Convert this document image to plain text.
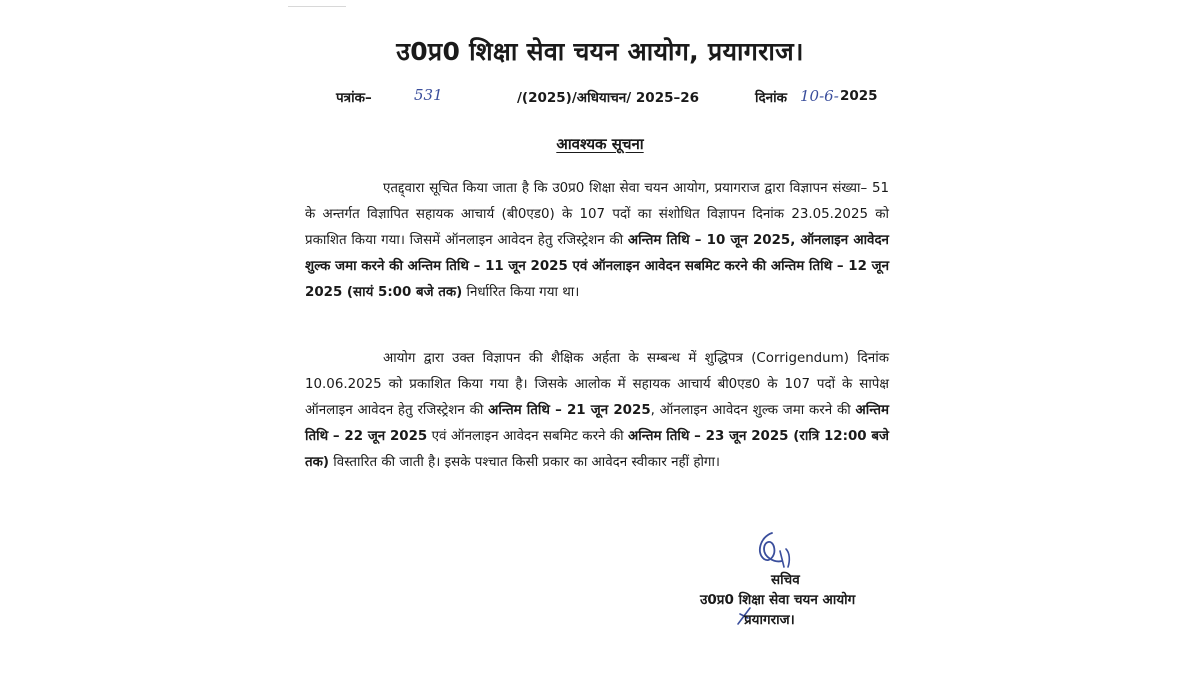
उ0प्र0 शिक्षा सेवा चयन आयोग, प्रयागराज।
पत्रांक–	531	/(2025)/अधियाचन/ 2025–26	दिनांक 10-6- 2025
आवश्यक सूचना

एतद्द्वारा सूचित किया जाता है कि उ0प्र0 शिक्षा सेवा चयन आयोग, प्रयागराज द्वारा विज्ञापन संख्या– 51 के अन्तर्गत विज्ञापित सहायक आचार्य (बी0एड0) के 107 पदों का संशोधित विज्ञापन दिनांक 23.05.2025 को प्रकाशित किया गया। जिसमें ऑनलाइन आवेदन हेतु रजिस्ट्रेशन की अन्तिम तिथि – 10 जून 2025, ऑनलाइन आवेदन शुल्क जमा करने की अन्तिम तिथि – 11 जून 2025 एवं ऑनलाइन आवेदन सबमिट करने की अन्तिम तिथि – 12 जून 2025 (सायं 5:00 बजे तक) निर्धारित किया गया था।

आयोग द्वारा उक्त विज्ञापन की शैक्षिक अर्हता के सम्बन्ध में शुद्धिपत्र (Corrigendum) दिनांक 10.06.2025 को प्रकाशित किया गया है। जिसके आलोक में सहायक आचार्य बी0एड0 के 107 पदों के सापेक्ष ऑनलाइन आवेदन हेतु रजिस्ट्रेशन की अन्तिम तिथि – 21 जून 2025, ऑनलाइन आवेदन शुल्क जमा करने की अन्तिम तिथि – 22 जून 2025 एवं ऑनलाइन आवेदन सबमिट करने की अन्तिम तिथि – 23 जून 2025 (रात्रि 12:00 बजे तक) विस्तारित की जाती है। इसके पश्चात किसी प्रकार का आवेदन स्वीकार नहीं होगा।

सचिव
उ0प्र0 शिक्षा सेवा चयन आयोग
प्रयागराज।
